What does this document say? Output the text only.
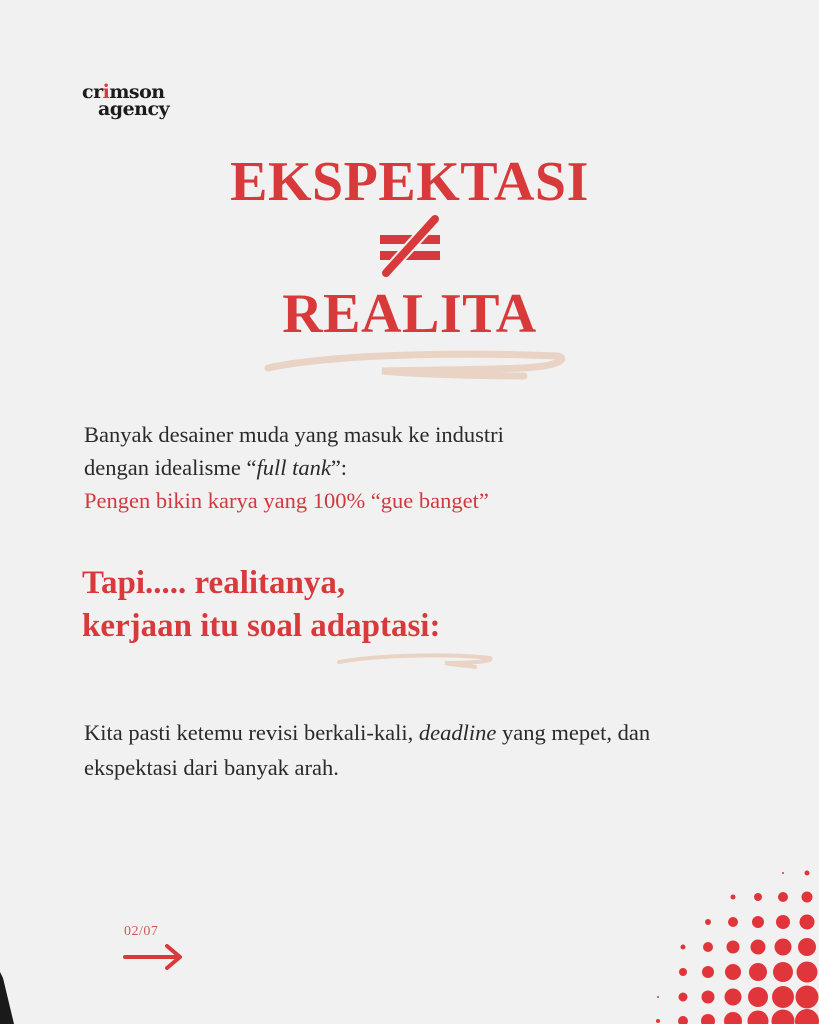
crimson
agency
EKSPEKTASI
REALITA
Banyak desainer muda yang masuk ke industri
dengan idealisme “full tank”:
Pengen bikin karya yang 100% “gue banget”
Tapi..... realitanya,
kerjaan itu soal adaptasi:
Kita pasti ketemu revisi berkali-kali, deadline yang mepet, dan ekspektasi dari banyak arah.
02/07
